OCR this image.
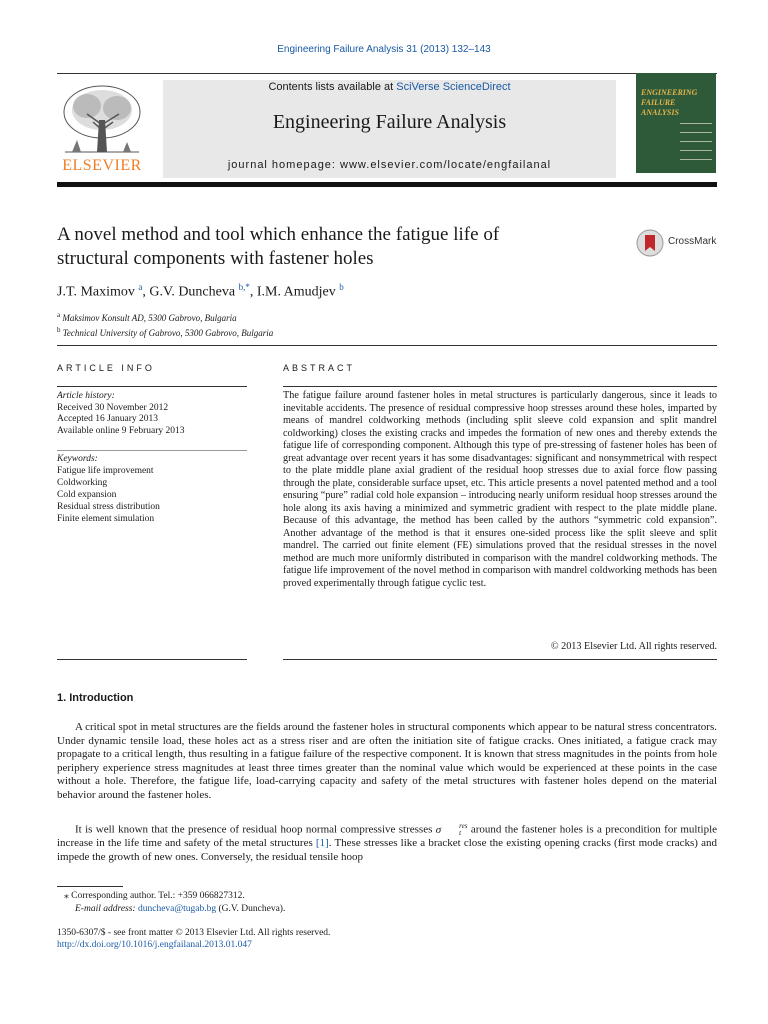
Engineering Failure Analysis 31 (2013) 132–143
ELSEVIER
Contents lists available at SciVerse ScienceDirect
Engineering Failure Analysis
journal homepage: www.elsevier.com/locate/engfailanal
ENGINEERING
FAILURE
ANALYSIS
A novel method and tool which enhance the fatigue life of
structural components with fastener holes
CrossMark
J.T. Maximov $^a$, G.V. Duncheva $^{b,*}$, I.M. Amudjev $^b$
$^a$ Maksimov Konsult AD, 5300 Gabrovo, Bulgaria
$^b$ Technical University of Gabrovo, 5300 Gabrovo, Bulgaria
ARTICLE INFO
Article history:
Received 30 November 2012
Accepted 16 January 2013
Available online 9 February 2013
Keywords:
Fatigue life improvement
Coldworking
Cold expansion
Residual stress distribution
Finite element simulation
ABSTRACT
The fatigue failure around fastener holes in metal structures is particularly dangerous, since it leads to inevitable accidents. The presence of residual compressive hoop stresses around these holes, imparted by means of mandrel coldworking methods (including split sleeve cold expansion and split mandrel coldworking) closes the existing cracks and impedes the formation of new ones and thereby extends the fatigue life of corresponding component. Although this type of pre-stressing of fastener holes has been of great advantage over recent years it has some disadvantages: significant and nonsymmetrical with respect to the plate middle plane axial gradient of the residual hoop stresses due to axial force flow passing through the plate, considerable surface upset, etc. This article presents a novel patented method and a tool ensuring “pure” radial cold hole expansion – introducing nearly uniform residual hoop stresses around the hole along its axis having a minimized and symmetric gradient with respect to the plate middle plane. Because of this advantage, the method has been called by the authors “symmetric cold expansion”. Another advantage of the method is that it ensures one-sided process like the split sleeve and split mandrel. The carried out finite element (FE) simulations proved that the residual stresses in the novel method are much more uniformly distributed in comparison with the mandrel coldworking methods. The fatigue life improvement of the novel method in comparison with mandrel coldworking methods has been proved experimentally through fatigue cyclic test.
© 2013 Elsevier Ltd. All rights reserved.
1. Introduction
A critical spot in metal structures are the fields around the fastener holes in structural components which appear to be natural stress concentrators. Under dynamic tensile load, these holes act as a stress riser and are often the initiation site of fatigue cracks. Ones initiated, a fatigue crack may propagate to a critical length, thus resulting in a fatigue failure of the respective component. It is known that stress magnitudes in the points from hole periphery experience stress magnitudes at least three times greater than the nominal value which would be experienced at these points in the case without a hole. Therefore, the fatigue life, load-carrying capacity and safety of the metal structures with fastener holes depend on the material behavior around the fastener holes.
It is well known that the presence of residual hoop normal compressive stresses σ	res
t around the fastener holes is a precondition for multiple increase in the life time and safety of the metal structures [1]. These stresses like a bracket close the existing opening cracks (first mode cracks) and impede the growth of new ones. Conversely, the residual tensile hoop
⁎ Corresponding author. Tel.: +359 066827312.
E-mail address: duncheva@tugab.bg (G.V. Duncheva).
1350-6307/$ - see front matter © 2013 Elsevier Ltd. All rights reserved.
http://dx.doi.org/10.1016/j.engfailanal.2013.01.047
